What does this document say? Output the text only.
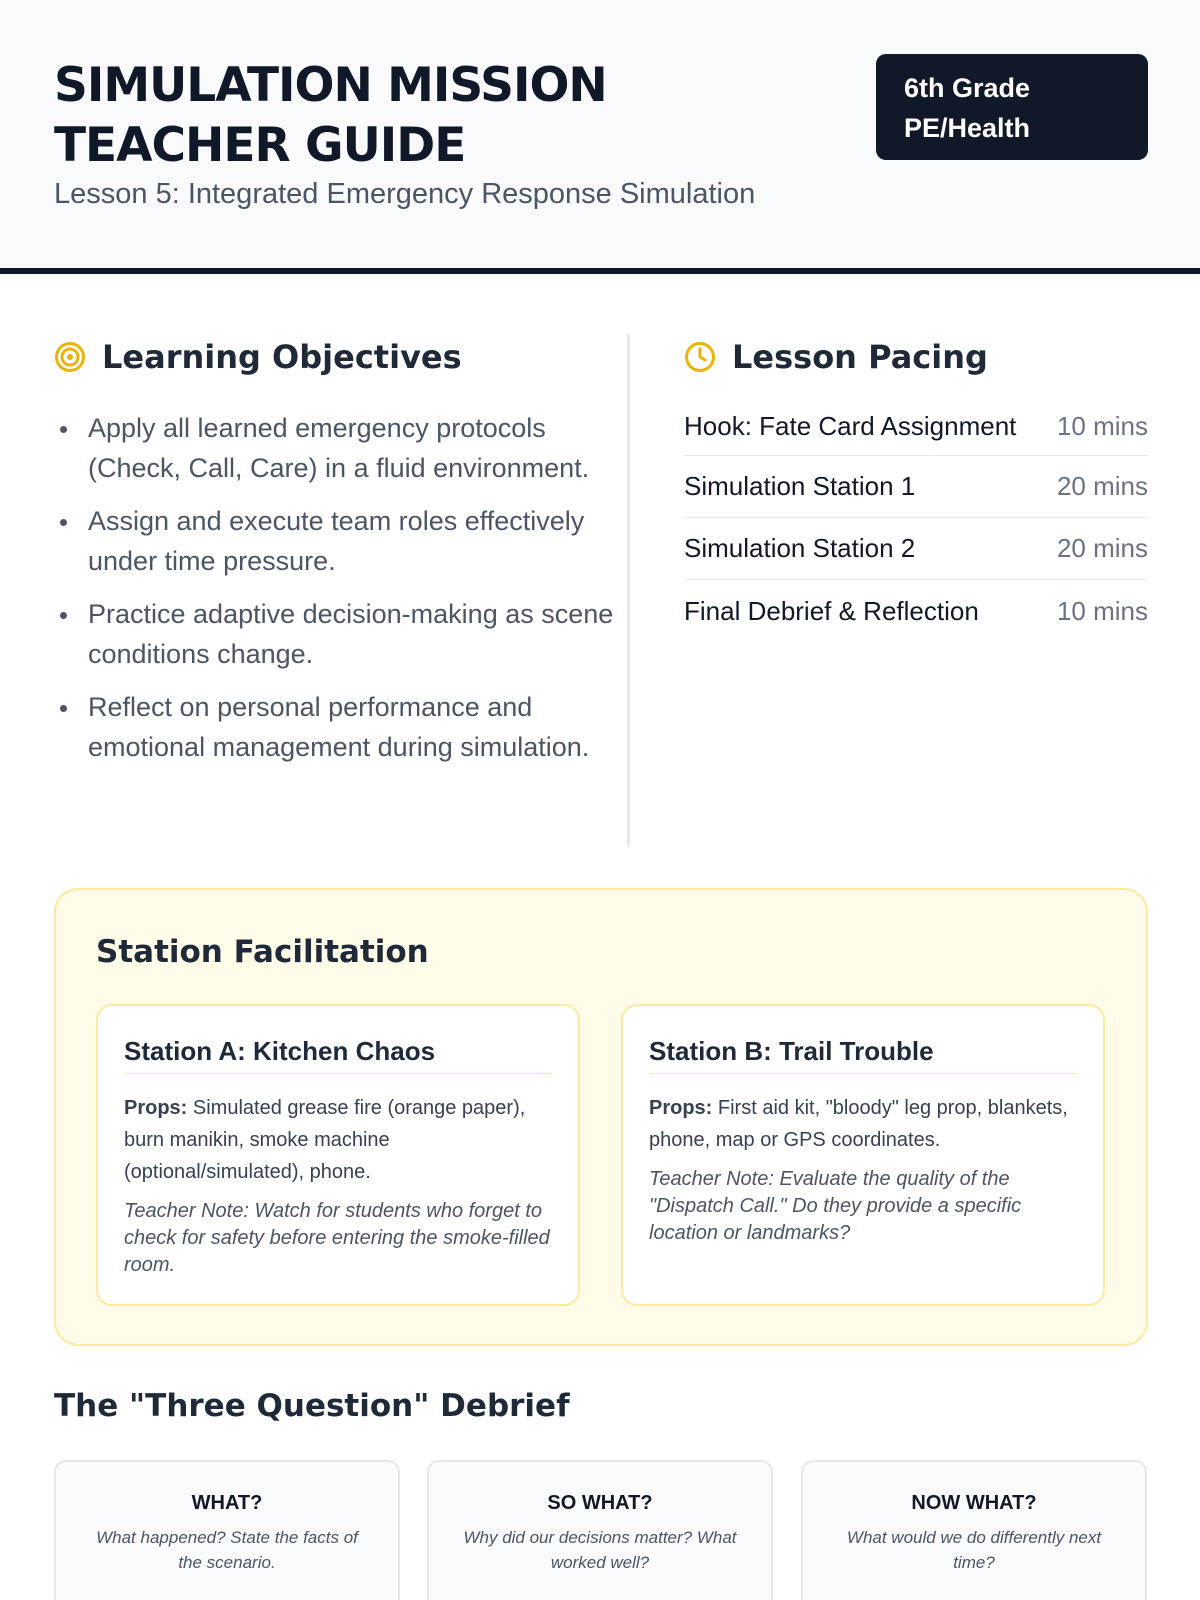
SIMULATION MISSION
TEACHER GUIDE
Lesson 5: Integrated Emergency Response Simulation
6th Grade
PE/Health
Learning Objectives
Apply all learned emergency protocols (Check, Call, Care) in a fluid environment.
Assign and execute team roles effectively under time pressure.
Practice adaptive decision-making as scene conditions change.
Reflect on personal performance and emotional management during simulation.
Lesson Pacing
Hook: Fate Card Assignment 10 mins
Simulation Station 1	20 mins
Simulation Station 2	20 mins
Final Debrief & Reflection	10 mins
Station Facilitation
Station A: Kitchen Chaos
Props: Simulated grease fire (orange paper), burn manikin, smoke machine (optional/simulated), phone.
Teacher Note: Watch for students who forget to check for safety before entering the smoke-filled room.
Station B: Trail Trouble
Props: First aid kit, "bloody" leg prop, blankets, phone, map or GPS coordinates.
Teacher Note: Evaluate the quality of the "Dispatch Call." Do they provide a specific location or landmarks?
The "Three Question" Debrief
WHAT?
What happened? State the facts of the scenario.
SO WHAT?
Why did our decisions matter? What worked well?
NOW WHAT?
What would we do differently next time?
